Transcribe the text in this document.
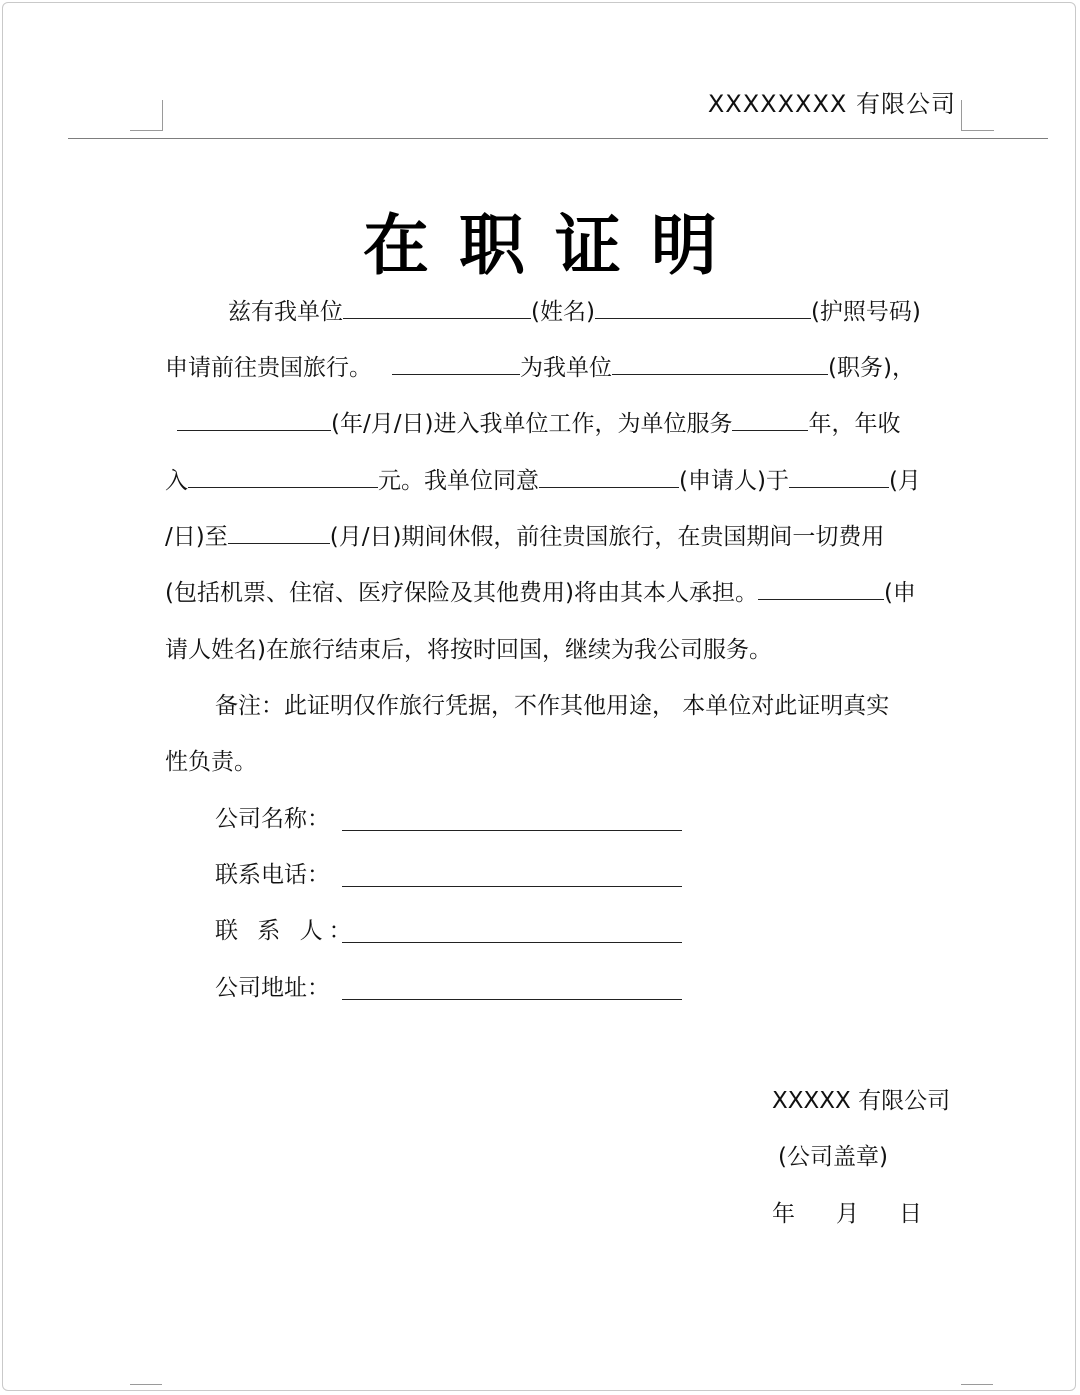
XXXXXXXX 有限公司
在职证明
兹有我单位	(姓名)	(护照号码)
申请前往贵国旅行。	为我单位	(职务)，
(年/月/日)进入我单位工作，为单位服务	年，年收
入	元。我单位同意	(申请人)于	(月
/日)至	(月/日)期间休假，前往贵国旅行，在贵国期间一切费用
(包括机票、住宿、医疗保险及其他费用)将由其本人承担。	(申
请人姓名)在旅行结束后，将按时回国，继续为我公司服务。
备注：此证明仅作旅行凭据，不作其他用途， 本单位对此证明真实
性负责。
公司名称：
联系电话：
联 系 人：
公司地址：
XXXXX 有限公司
(公司盖章)
年 月 日
